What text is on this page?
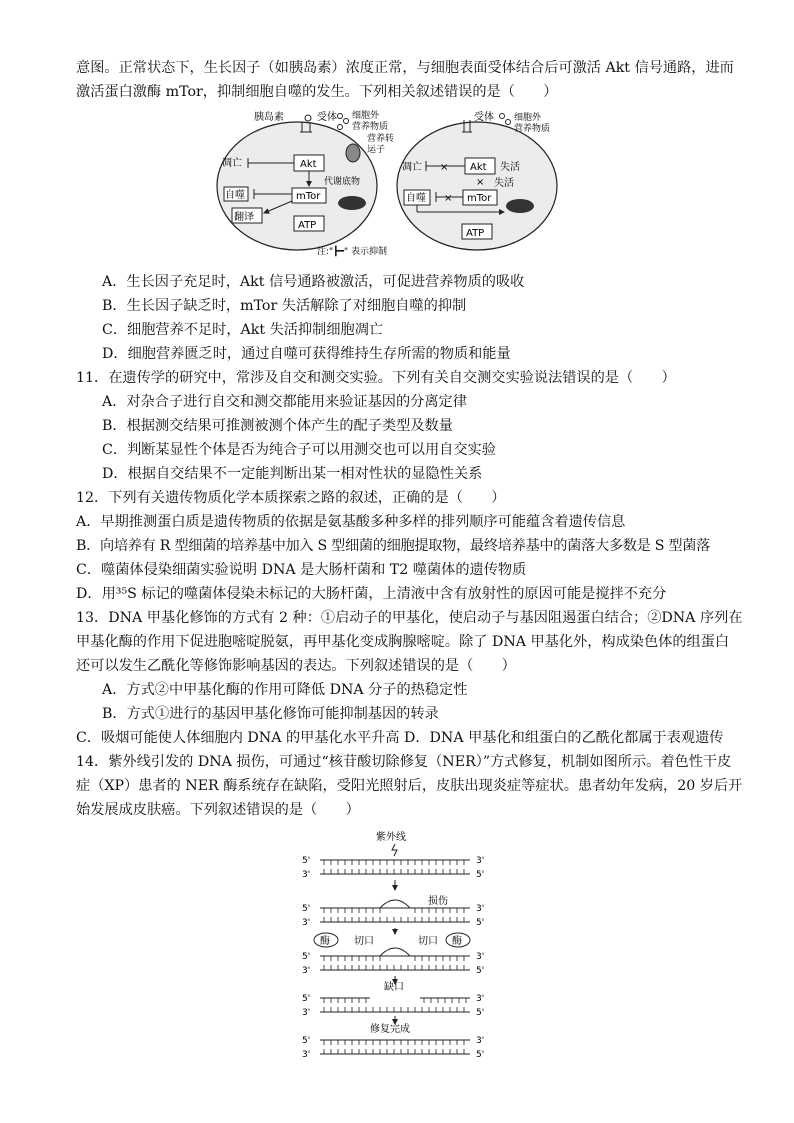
意图。正常状态下，生长因子（如胰岛素）浓度正常，与细胞表面受体结合后可激活 Akt 信号通路，进而
激活蛋白激酶 mTor，抑制细胞自噬的发生。下列相关叙述错误的是（　　）
胰岛素	受体 细胞外
营养物质
营养转
运子
凋亡	Akt
自噬	mTor
代谢底物
翻译
ATP
受体 细胞外
营养物质
凋亡 × Akt 失活
×
自噬 × mTor
失活
ATP
注:"┣━" 表示抑制
A．生长因子充足时，Akt 信号通路被激活，可促进营养物质的吸收
B．生长因子缺乏时，mTor 失活解除了对细胞自噬的抑制
C．细胞营养不足时，Akt 失活抑制细胞凋亡
D．细胞营养匮乏时，通过自噬可获得维持生存所需的物质和能量
11．在遗传学的研究中，常涉及自交和测交实验。下列有关自交测交实验说法错误的是（　　）
A．对杂合子进行自交和测交都能用来验证基因的分离定律
B．根据测交结果可推测被测个体产生的配子类型及数量
C．判断某显性个体是否为纯合子可以用测交也可以用自交实验
D．根据自交结果不一定能判断出某一相对性状的显隐性关系
12．下列有关遗传物质化学本质探索之路的叙述，正确的是（　　）
A．早期推测蛋白质是遗传物质的依据是氨基酸多种多样的排列顺序可能蕴含着遗传信息
B．向培养有 R 型细菌的培养基中加入 S 型细菌的细胞提取物，最终培养基中的菌落大多数是 S 型菌落
C．噬菌体侵染细菌实验说明 DNA 是大肠杆菌和 T2 噬菌体的遗传物质
D．用³⁵S 标记的噬菌体侵染未标记的大肠杆菌，上清液中含有放射性的原因可能是搅拌不充分
13．DNA 甲基化修饰的方式有 2 种：①启动子的甲基化，使启动子与基因阻遏蛋白结合；②DNA 序列在
甲基化酶的作用下促进胞嘧啶脱氨，再甲基化变成胸腺嘧啶。除了 DNA 甲基化外，构成染色体的组蛋白
还可以发生乙酰化等修饰影响基因的表达。下列叙述错误的是（　　）
A．方式②中甲基化酶的作用可降低 DNA 分子的热稳定性
B．方式①进行的基因甲基化修饰可能抑制基因的转录
C．吸烟可能使人体细胞内 DNA 的甲基化水平升高 D．DNA 甲基化和组蛋白的乙酰化都属于表观遗传
14．紫外线引发的 DNA 损伤，可通过“核苷酸切除修复（NER）”方式修复，机制如图所示。着色性干皮
症（XP）患者的 NER 酶系统存在缺陷，受阳光照射后，皮肤出现炎症等症状。患者幼年发病，20 岁后开
始发展成皮肤癌。下列叙述错误的是（　　）
紫外线
损伤
酶 切口	切口 酶
缺口
修复完成
5'	3'
3'	5'
5'	3'
3'	5'
5'	3'
3'	5'
5'	3'
3'	5'
5'	3'
3'	5'
